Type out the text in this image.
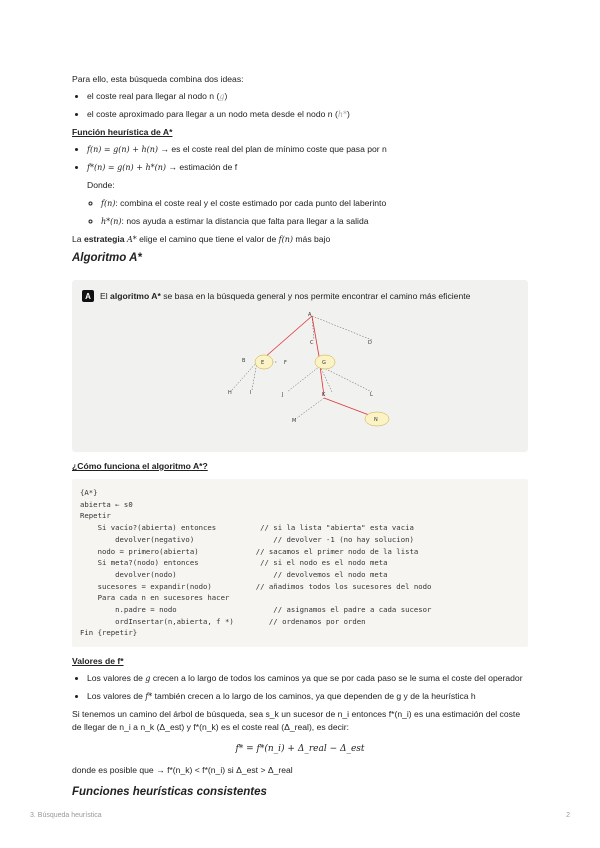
Para ello, esta búsqueda combina dos ideas:

• el coste real para llegar al nodo n (g)
• el coste aproximado para llegar a un nodo meta desde el nodo n (h*)

Función heurística de A*

• f(n) = g(n) + h(n) → es el coste real del plan de mínimo coste que pasa por n
• f*(n) = g(n) + h*(n) → estimación de f
Donde:
◦ f(n): combina el coste real y el coste estimado por cada punto del laberinto
◦ h*(n): nos ayuda a estimar la distancia que falta para llegar a la salida

La estrategia A* elige el camino que tiene el valor de f(n) más bajo

Algoritmo A*
A	El algoritmo A* se basa en la búsqueda general y nos permite encontrar el camino más eficiente
A
C	D
B	E	F	G
H	I	J	K	L
M	N

¿Cómo funciona el algoritmo A*?

{A*}
abierta ← s0
Repetir
Si vacío?(abierta) entonces          // si la lista "abierta" esta vacia
devolver(negativo)                  // devolver -1 (no hay solucion)
nodo = primero(abierta)             // sacamos el primer nodo de la lista
Si meta?(nodo) entonces              // si el nodo es el nodo meta
devolver(nodo)                      // devolvemos el nodo meta
sucesores = expandir(nodo)          // añadimos todos los sucesores del nodo
Para cada n en sucesores hacer
n.padre = nodo                      // asignamos el padre a cada sucesor
ordInsertar(n,abierta, f *)        // ordenamos por orden
Fin {repetir}

Valores de f*

• Los valores de g crecen a lo largo de todos los caminos ya que se por cada paso se le suma el coste del operador
• Los valores de f* también crecen a lo largo de los caminos, ya que dependen de g y de la heurística h

Si tenemos un camino del árbol de búsqueda, sea s_k un sucesor de n_i entonces f*(n_i) es una estimación del coste de llegar de n_i a n_k (Δ_est) y f*(n_k) es el coste real (Δ_real), es decir:

f* = f*(n_i) + Δ_real − Δ_est

donde es posible que → f*(n_k) < f*(n_i) si Δ_est > Δ_real

Funciones heurísticas consistentes
3. Búsqueda heurística	2
